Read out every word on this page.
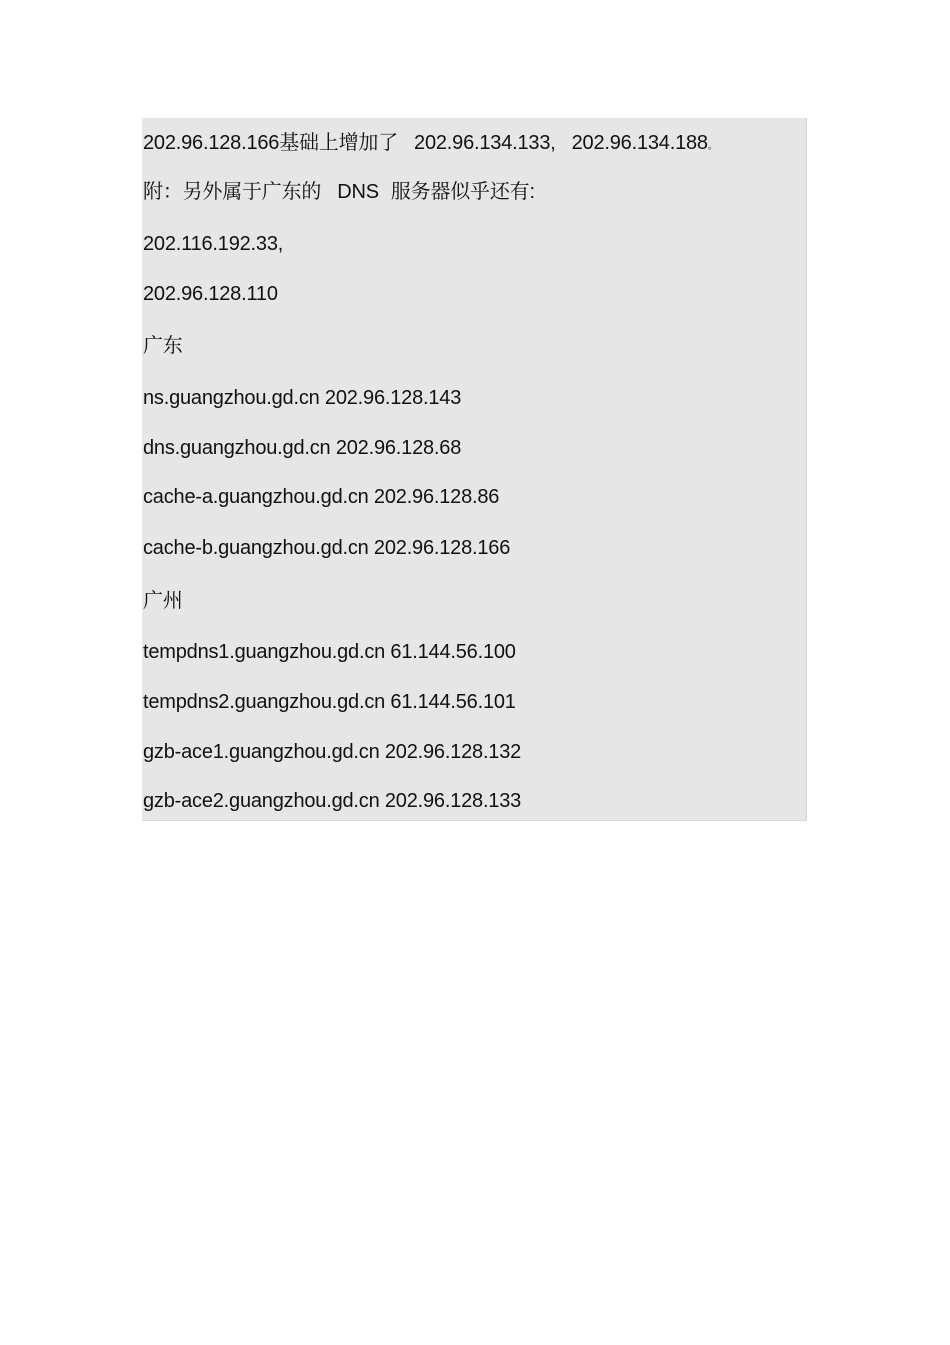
202.96.128.166基础上增加了 202.96.134.133, 202.96.134.188。
附：另外属于广东的 DNS 服务器似乎还有:
202.116.192.33,
202.96.128.110
广东
ns.guangzhou.gd.cn 202.96.128.143
dns.guangzhou.gd.cn 202.96.128.68
cache-a.guangzhou.gd.cn 202.96.128.86
cache-b.guangzhou.gd.cn 202.96.128.166
广州
tempdns1.guangzhou.gd.cn 61.144.56.100
tempdns2.guangzhou.gd.cn 61.144.56.101
gzb-ace1.guangzhou.gd.cn 202.96.128.132
gzb-ace2.guangzhou.gd.cn 202.96.128.133
